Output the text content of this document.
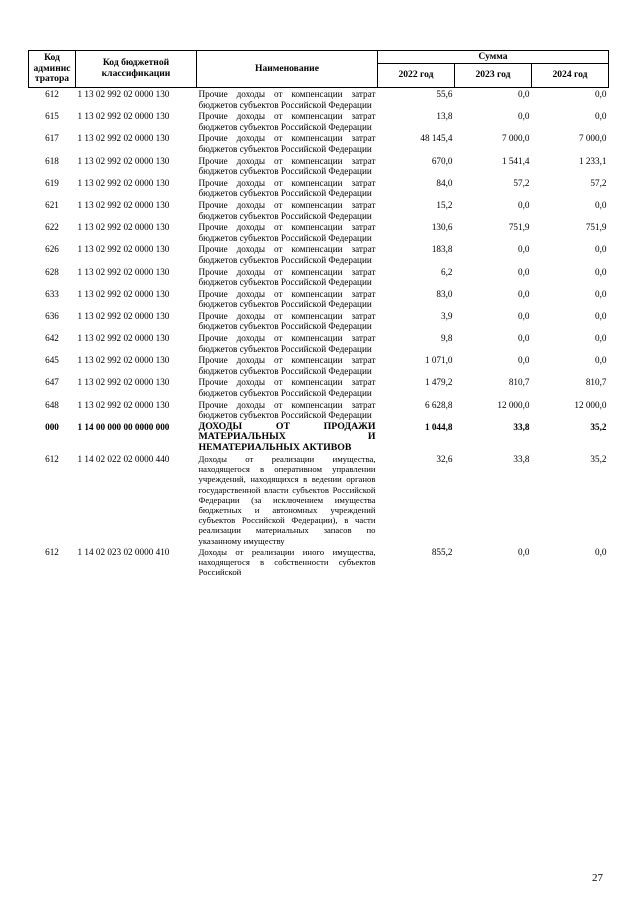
Код админис тратора	Код бюджетной классификации	Наименование	Сумма		
			2022 год	2023 год	2024 год
612	1 13 02 992 02 0000 130	Прочие доходы от компенсации затрат бюджетов субъектов Российской Федерации	55,6	0,0	0,0
615	1 13 02 992 02 0000 130	Прочие доходы от компенсации затрат бюджетов субъектов Российской Федерации	13,8	0,0	0,0
617	1 13 02 992 02 0000 130	Прочие доходы от компенсации затрат бюджетов субъектов Российской Федерации	48 145,4	7 000,0	7 000,0
618	1 13 02 992 02 0000 130	Прочие доходы от компенсации затрат бюджетов субъектов Российской Федерации	670,0	1 541,4	1 233,1
619	1 13 02 992 02 0000 130	Прочие доходы от компенсации затрат бюджетов субъектов Российской Федерации	84,0	57,2	57,2
621	1 13 02 992 02 0000 130	Прочие доходы от компенсации затрат бюджетов субъектов Российской Федерации	15,2	0,0	0,0
622	1 13 02 992 02 0000 130	Прочие доходы от компенсации затрат бюджетов субъектов Российской Федерации	130,6	751,9	751,9
626	1 13 02 992 02 0000 130	Прочие доходы от компенсации затрат бюджетов субъектов Российской Федерации	183,8	0,0	0,0
628	1 13 02 992 02 0000 130	Прочие доходы от компенсации затрат бюджетов субъектов Российской Федерации	6,2	0,0	0,0
633	1 13 02 992 02 0000 130	Прочие доходы от компенсации затрат бюджетов субъектов Российской Федерации	83,0	0,0	0,0
636	1 13 02 992 02 0000 130	Прочие доходы от компенсации затрат бюджетов субъектов Российской Федерации	3,9	0,0	0,0
642	1 13 02 992 02 0000 130	Прочие доходы от компенсации затрат бюджетов субъектов Российской Федерации	9,8	0,0	0,0
645	1 13 02 992 02 0000 130	Прочие доходы от компенсации затрат бюджетов субъектов Российской Федерации	1 071,0	0,0	0,0
647	1 13 02 992 02 0000 130	Прочие доходы от компенсации затрат бюджетов субъектов Российской Федерации	1 479,2	810,7	810,7
648	1 13 02 992 02 0000 130	Прочие доходы от компенсации затрат бюджетов субъектов Российской Федерации	6 628,8	12 000,0	12 000,0
000	1 14 00 000 00 0000 000	ДОХОДЫ ОТ ПРОДАЖИ МАТЕРИАЛЬНЫХ И НЕМАТЕРИАЛЬНЫХ АКТИВОВ	1 044,8	33,8	35,2
612	1 14 02 022 02 0000 440	Доходы от реализации имущества, находящегося в оперативном управлении учреждений, находящихся в ведении органов государственной власти субъектов Российской Федерации (за исключением имущества бюджетных и автономных учреждений субъектов Российской Федерации), в части реализации материальных запасов по указанному имуществу	32,6	33,8	35,2
612	1 14 02 023 02 0000 410	Доходы от реализации иного имущества, находящегося в собственности субъектов Российской	855,2	0,0	0,0
27
